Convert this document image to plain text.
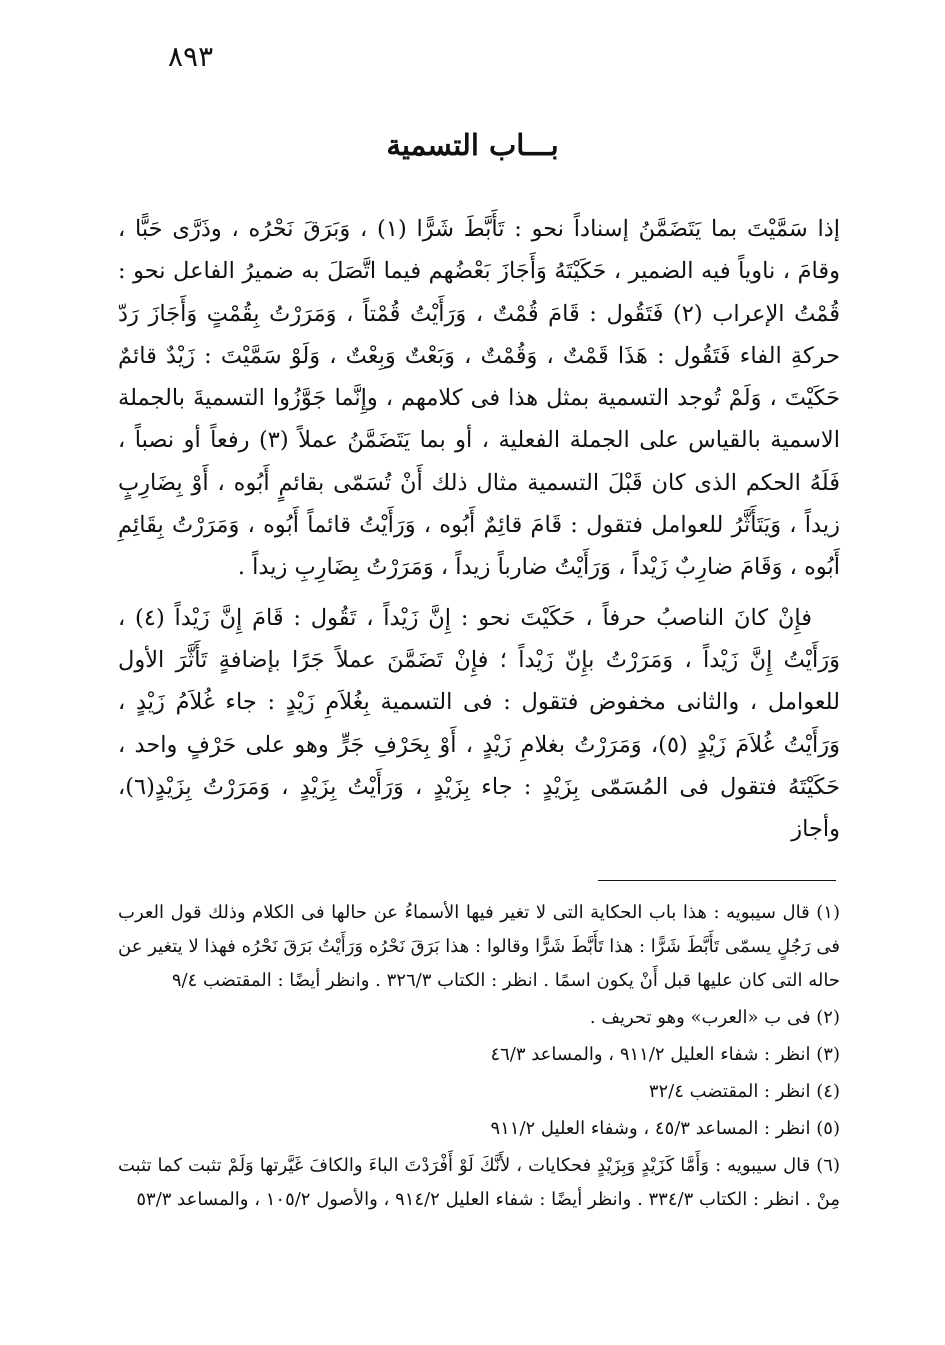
٨٩٣
بـــاب التسمية

إذا سَمَّيْتَ بما يَتَضَمَّنُ إسناداً نحو : تَأَبَّطَ شَرًّا (١) ، وَبَرَقَ نَحْرُه ، وذَرَّى حَبًّا ، وقامَ ، ناوياً فيه الضمير ، حَكَيْتَهُ وَأَجَازَ بَعْضُهم فيما اتَّصَلَ به ضميرُ الفاعل نحو : قُمْتُ الإعراب (٢) فَتَقُول : قَامَ قُمْتٌ ، وَرَأَيْتُ قُمْتاً ، وَمَرَرْتُ بِقُمْتٍ وَأَجَازَ رَدّ حركةِ الفاء فَتَقُول : هَذَا قَمْتٌ ، وَقُمْتٌ ، وَبَعْتٌ وَبِعْتٌ ، وَلَوْ سَمَّيْتَ : زَيْدٌ قائمٌ حَكَيْتَ ، وَلَمْ تُوجد التسمية بمثل هذا فى كلامهم ، وإِنَّما جَوَّزُوا التسميةَ بالجملة الاسمية بالقياس على الجملة الفعلية ، أو بما يَتَضَمَّنُ عملاً (٣) رفعاً أو نصباً ، فَلَهُ الحكم الذى كان قَبْلَ التسمية مثال ذلك أَنْ تُسَمّى بقائمٍ أَبُوه ، أَوْ بِضَارِبٍ زيداً ، وَيَتَأَثَّرُ للعوامل فتقول : قَامَ قائِمٌ أَبُوه ، وَرَأَيْتُ قائماً أَبُوه ، وَمَرَرْتُ بِقَائِمِ أَبُوه ، وَقَامَ ضارِبٌ زَيْداً ، وَرَأَيْتُ ضارباً زيداً ، وَمَرَرْتُ بِضَارِبِ زيداً .

فإِنْ كانَ الناصبُ حرفاً ، حَكَيْتَ نحو : إِنَّ زَيْداً ، تَقُول : قَامَ إِنَّ زَيْداً (٤) ، وَرَأَيْتُ إِنَّ زَيْداً ، وَمَرَرْتُ بإِنّ زَيْداً ؛ فإِنْ تَضَمَّنَ عملاً جَرًا بإضافةٍ تَأَثَّرَ الأول للعوامل ، والثانى مخفوض فتقول : فى التسمية بِغُلاَمِ زَيْدٍ : جاء غُلاَمُ زَيْدٍ ، وَرَأَيْتُ غُلاَمَ زَيْدٍ (٥)، وَمَرَرْتُ بغلامِ زَيْدٍ ، أَوْ بِحَرْفِ جَرٍّ وهو على حَرْفٍ واحد ، حَكَيْتَهُ فتقول فى المُسَمّى بِزَيْدٍ : جاء بِزَيْدٍ ، وَرَأَيْتُ بِزَيْدٍ ، وَمَرَرْتُ بِزَيْدٍ(٦)، وأجاز

(١) قال سيبويه : هذا باب الحكاية التى لا تغير فيها الأسماءُ عن حالها فى الكلام وذلك قول العرب فى رَجُلٍ يسمّى تَأَبَّطَ شَرًّا : هذا تَأَبَّطَ شَرًّا وقالوا : هذا بَرَقَ نَحْرُه وَرَأَيْتُ بَرَقَ نَحْرُه فهذا لا يتغير عن حاله التى كان عليها قبل أَنْ يكون اسمًا . انظر : الكتاب ٣٢٦/٣ . وانظر أيضًا : المقتضب ٩/٤

(٢) فى ب «العرب» وهو تحريف .

(٣) انظر : شفاء العليل ٩١١/٢ ، والمساعد ٤٦/٣

(٤) انظر : المقتضب ٣٢/٤

(٥) انظر : المساعد ٤٥/٣ ، وشفاء العليل ٩١١/٢

(٦) قال سيبويه : وَأَمَّا كَزَيْدٍ وَبِزَيْدٍ فحكايات ، لأَنَّكَ لَوْ أَفْرَدْتَ الباءَ والكافَ غَيَّرتها وَلَمْ تثبت كما تثبت مِنْ . انظر : الكتاب ٣٣٤/٣ . وانظر أيضًا : شفاء العليل ٩١٤/٢ ، والأصول ١٠٥/٢ ، والمساعد ٥٣/٣
